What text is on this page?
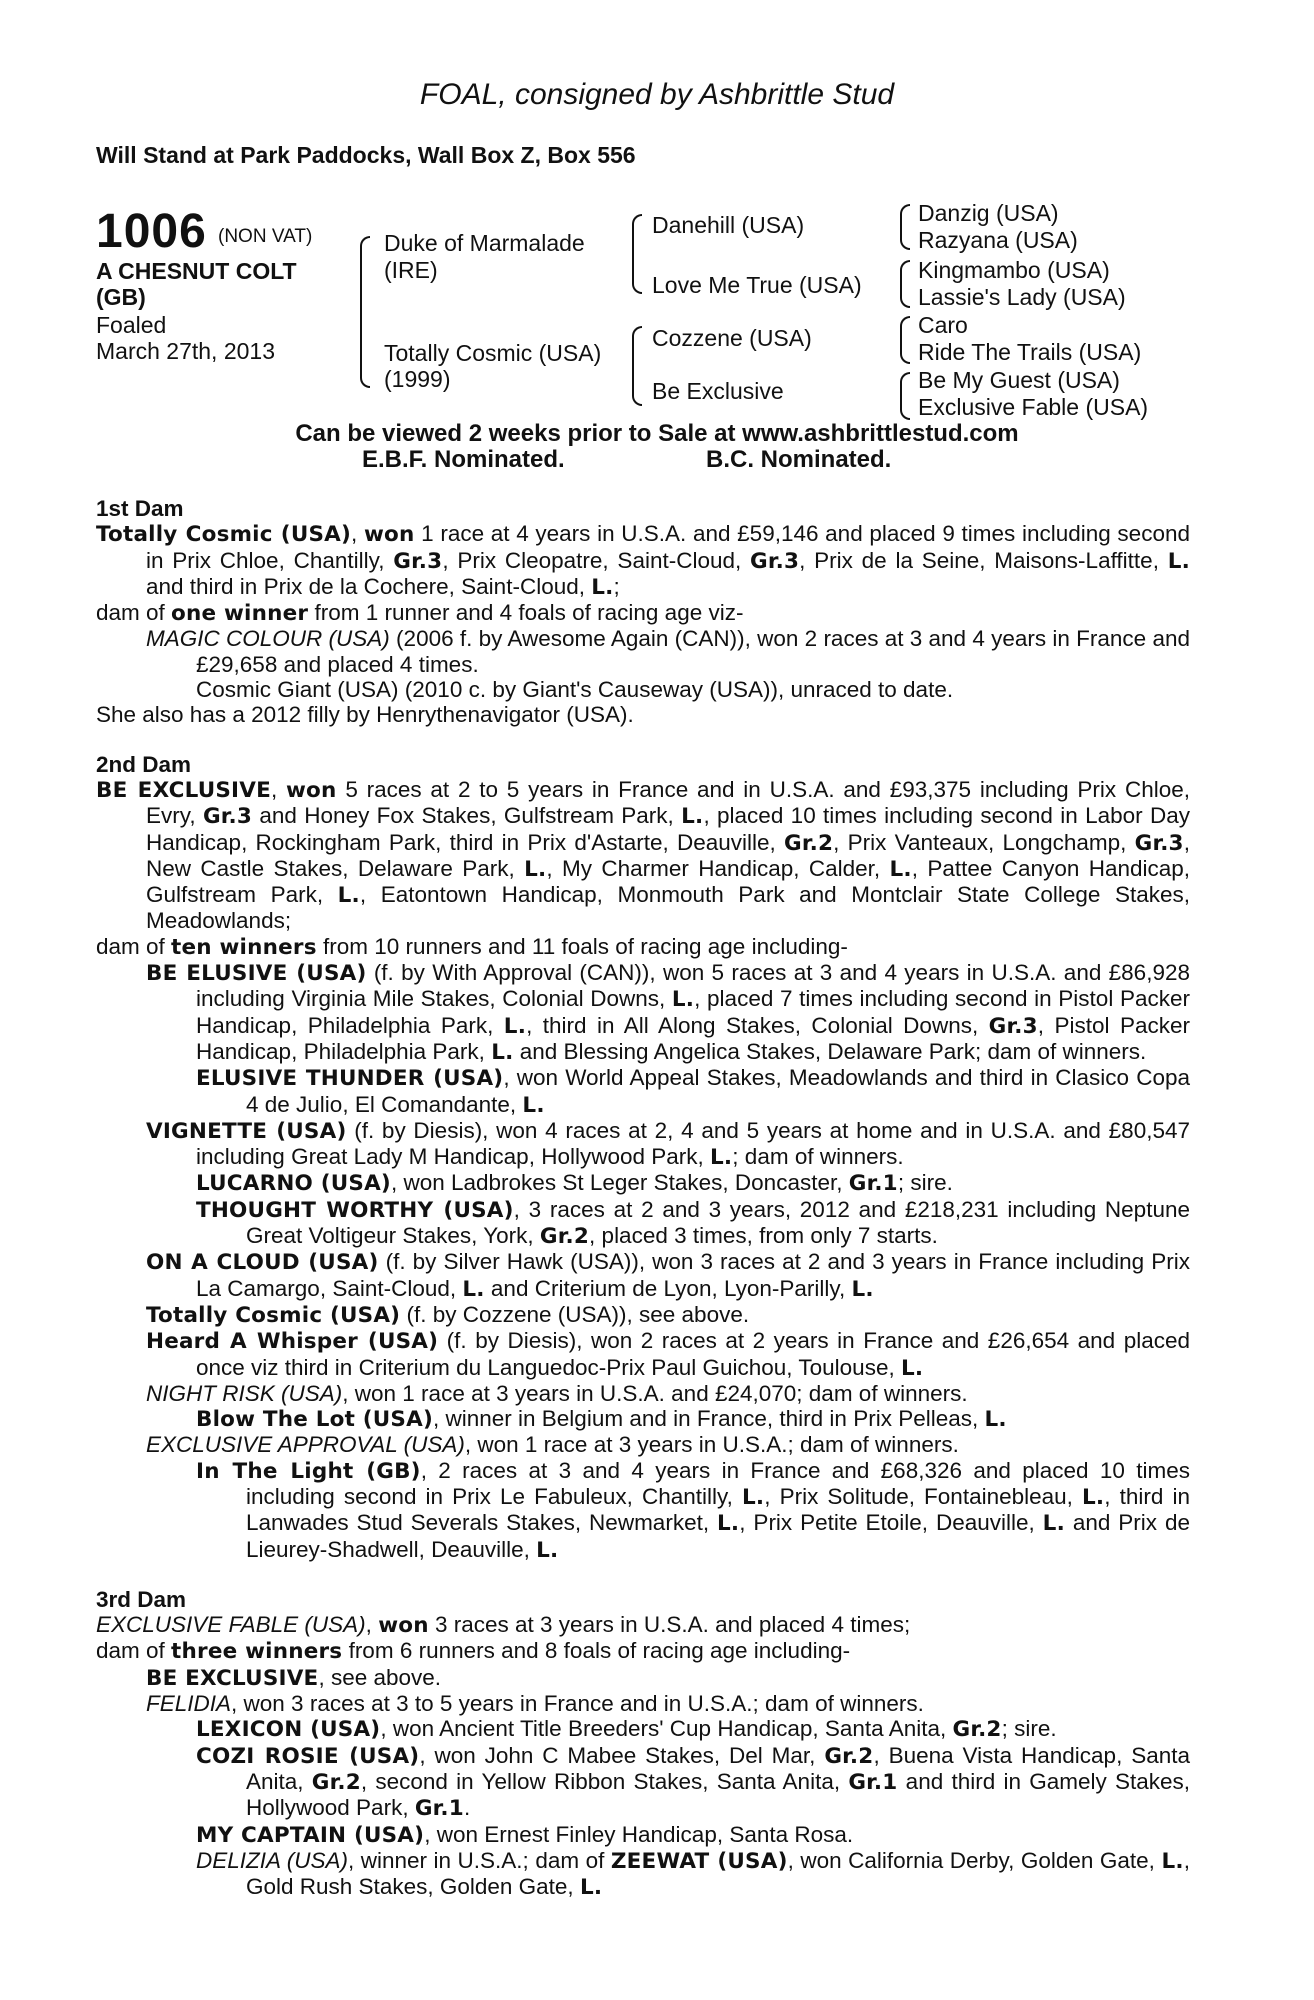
FOAL, consigned by Ashbrittle Stud
Will Stand at Park Paddocks, Wall Box Z, Box 556
1006 (NON VAT)
A CHESNUT COLT
(GB)
Foaled
March 27th, 2013
Duke of Marmalade
(IRE)
Totally Cosmic (USA)
(1999)
Danehill (USA)
Love Me True (USA)
Cozzene (USA)
Be Exclusive
Danzig (USA)
Razyana (USA)
Kingmambo (USA)
Lassie's Lady (USA)
Caro
Ride The Trails (USA)
Be My Guest (USA)
Exclusive Fable (USA)
Can be viewed 2 weeks prior to Sale at www.ashbrittlestud.com
E.B.F. Nominated.	B.C. Nominated.
1st Dam
Totally Cosmic (USA), won 1 race at 4 years in U.S.A. and £59,146 and placed 9 times including second in Prix Chloe, Chantilly, Gr.3, Prix Cleopatre, Saint-Cloud, Gr.3, Prix de la Seine, Maisons-Laffitte, L. and third in Prix de la Cochere, Saint-Cloud, L.;
dam of one winner from 1 runner and 4 foals of racing age viz-
MAGIC COLOUR (USA) (2006 f. by Awesome Again (CAN)), won 2 races at 3 and 4 years in France and £29,658 and placed 4 times.
Cosmic Giant (USA) (2010 c. by Giant's Causeway (USA)), unraced to date.
She also has a 2012 filly by Henrythenavigator (USA).
2nd Dam
BE EXCLUSIVE, won 5 races at 2 to 5 years in France and in U.S.A. and £93,375 including Prix Chloe, Evry, Gr.3 and Honey Fox Stakes, Gulfstream Park, L., placed 10 times including second in Labor Day Handicap, Rockingham Park, third in Prix d'Astarte, Deauville, Gr.2, Prix Vanteaux, Longchamp, Gr.3, New Castle Stakes, Delaware Park, L., My Charmer Handicap, Calder, L., Pattee Canyon Handicap, Gulfstream Park, L., Eatontown Handicap, Monmouth Park and Montclair State College Stakes, Meadowlands;
dam of ten winners from 10 runners and 11 foals of racing age including-
BE ELUSIVE (USA) (f. by With Approval (CAN)), won 5 races at 3 and 4 years in U.S.A. and £86,928 including Virginia Mile Stakes, Colonial Downs, L., placed 7 times including second in Pistol Packer Handicap, Philadelphia Park, L., third in All Along Stakes, Colonial Downs, Gr.3, Pistol Packer Handicap, Philadelphia Park, L. and Blessing Angelica Stakes, Delaware Park; dam of winners.
ELUSIVE THUNDER (USA), won World Appeal Stakes, Meadowlands and third in Clasico Copa 4 de Julio, El Comandante, L.
VIGNETTE (USA) (f. by Diesis), won 4 races at 2, 4 and 5 years at home and in U.S.A. and £80,547 including Great Lady M Handicap, Hollywood Park, L.; dam of winners.
LUCARNO (USA), won Ladbrokes St Leger Stakes, Doncaster, Gr.1; sire.
THOUGHT WORTHY (USA), 3 races at 2 and 3 years, 2012 and £218,231 including Neptune Great Voltigeur Stakes, York, Gr.2, placed 3 times, from only 7 starts.
ON A CLOUD (USA) (f. by Silver Hawk (USA)), won 3 races at 2 and 3 years in France including Prix La Camargo, Saint-Cloud, L. and Criterium de Lyon, Lyon-Parilly, L.
Totally Cosmic (USA) (f. by Cozzene (USA)), see above.
Heard A Whisper (USA) (f. by Diesis), won 2 races at 2 years in France and £26,654 and placed once viz third in Criterium du Languedoc-Prix Paul Guichou, Toulouse, L.
NIGHT RISK (USA), won 1 race at 3 years in U.S.A. and £24,070; dam of winners.
Blow The Lot (USA), winner in Belgium and in France, third in Prix Pelleas, L.
EXCLUSIVE APPROVAL (USA), won 1 race at 3 years in U.S.A.; dam of winners.
In The Light (GB), 2 races at 3 and 4 years in France and £68,326 and placed 10 times including second in Prix Le Fabuleux, Chantilly, L., Prix Solitude, Fontainebleau, L., third in Lanwades Stud Severals Stakes, Newmarket, L., Prix Petite Etoile, Deauville, L. and Prix de Lieurey-Shadwell, Deauville, L.
3rd Dam
EXCLUSIVE FABLE (USA), won 3 races at 3 years in U.S.A. and placed 4 times;
dam of three winners from 6 runners and 8 foals of racing age including-
BE EXCLUSIVE, see above.
FELIDIA, won 3 races at 3 to 5 years in France and in U.S.A.; dam of winners.
LEXICON (USA), won Ancient Title Breeders' Cup Handicap, Santa Anita, Gr.2; sire.
COZI ROSIE (USA), won John C Mabee Stakes, Del Mar, Gr.2, Buena Vista Handicap, Santa Anita, Gr.2, second in Yellow Ribbon Stakes, Santa Anita, Gr.1 and third in Gamely Stakes, Hollywood Park, Gr.1.
MY CAPTAIN (USA), won Ernest Finley Handicap, Santa Rosa.
DELIZIA (USA), winner in U.S.A.; dam of ZEEWAT (USA), won California Derby, Golden Gate, L., Gold Rush Stakes, Golden Gate, L.
